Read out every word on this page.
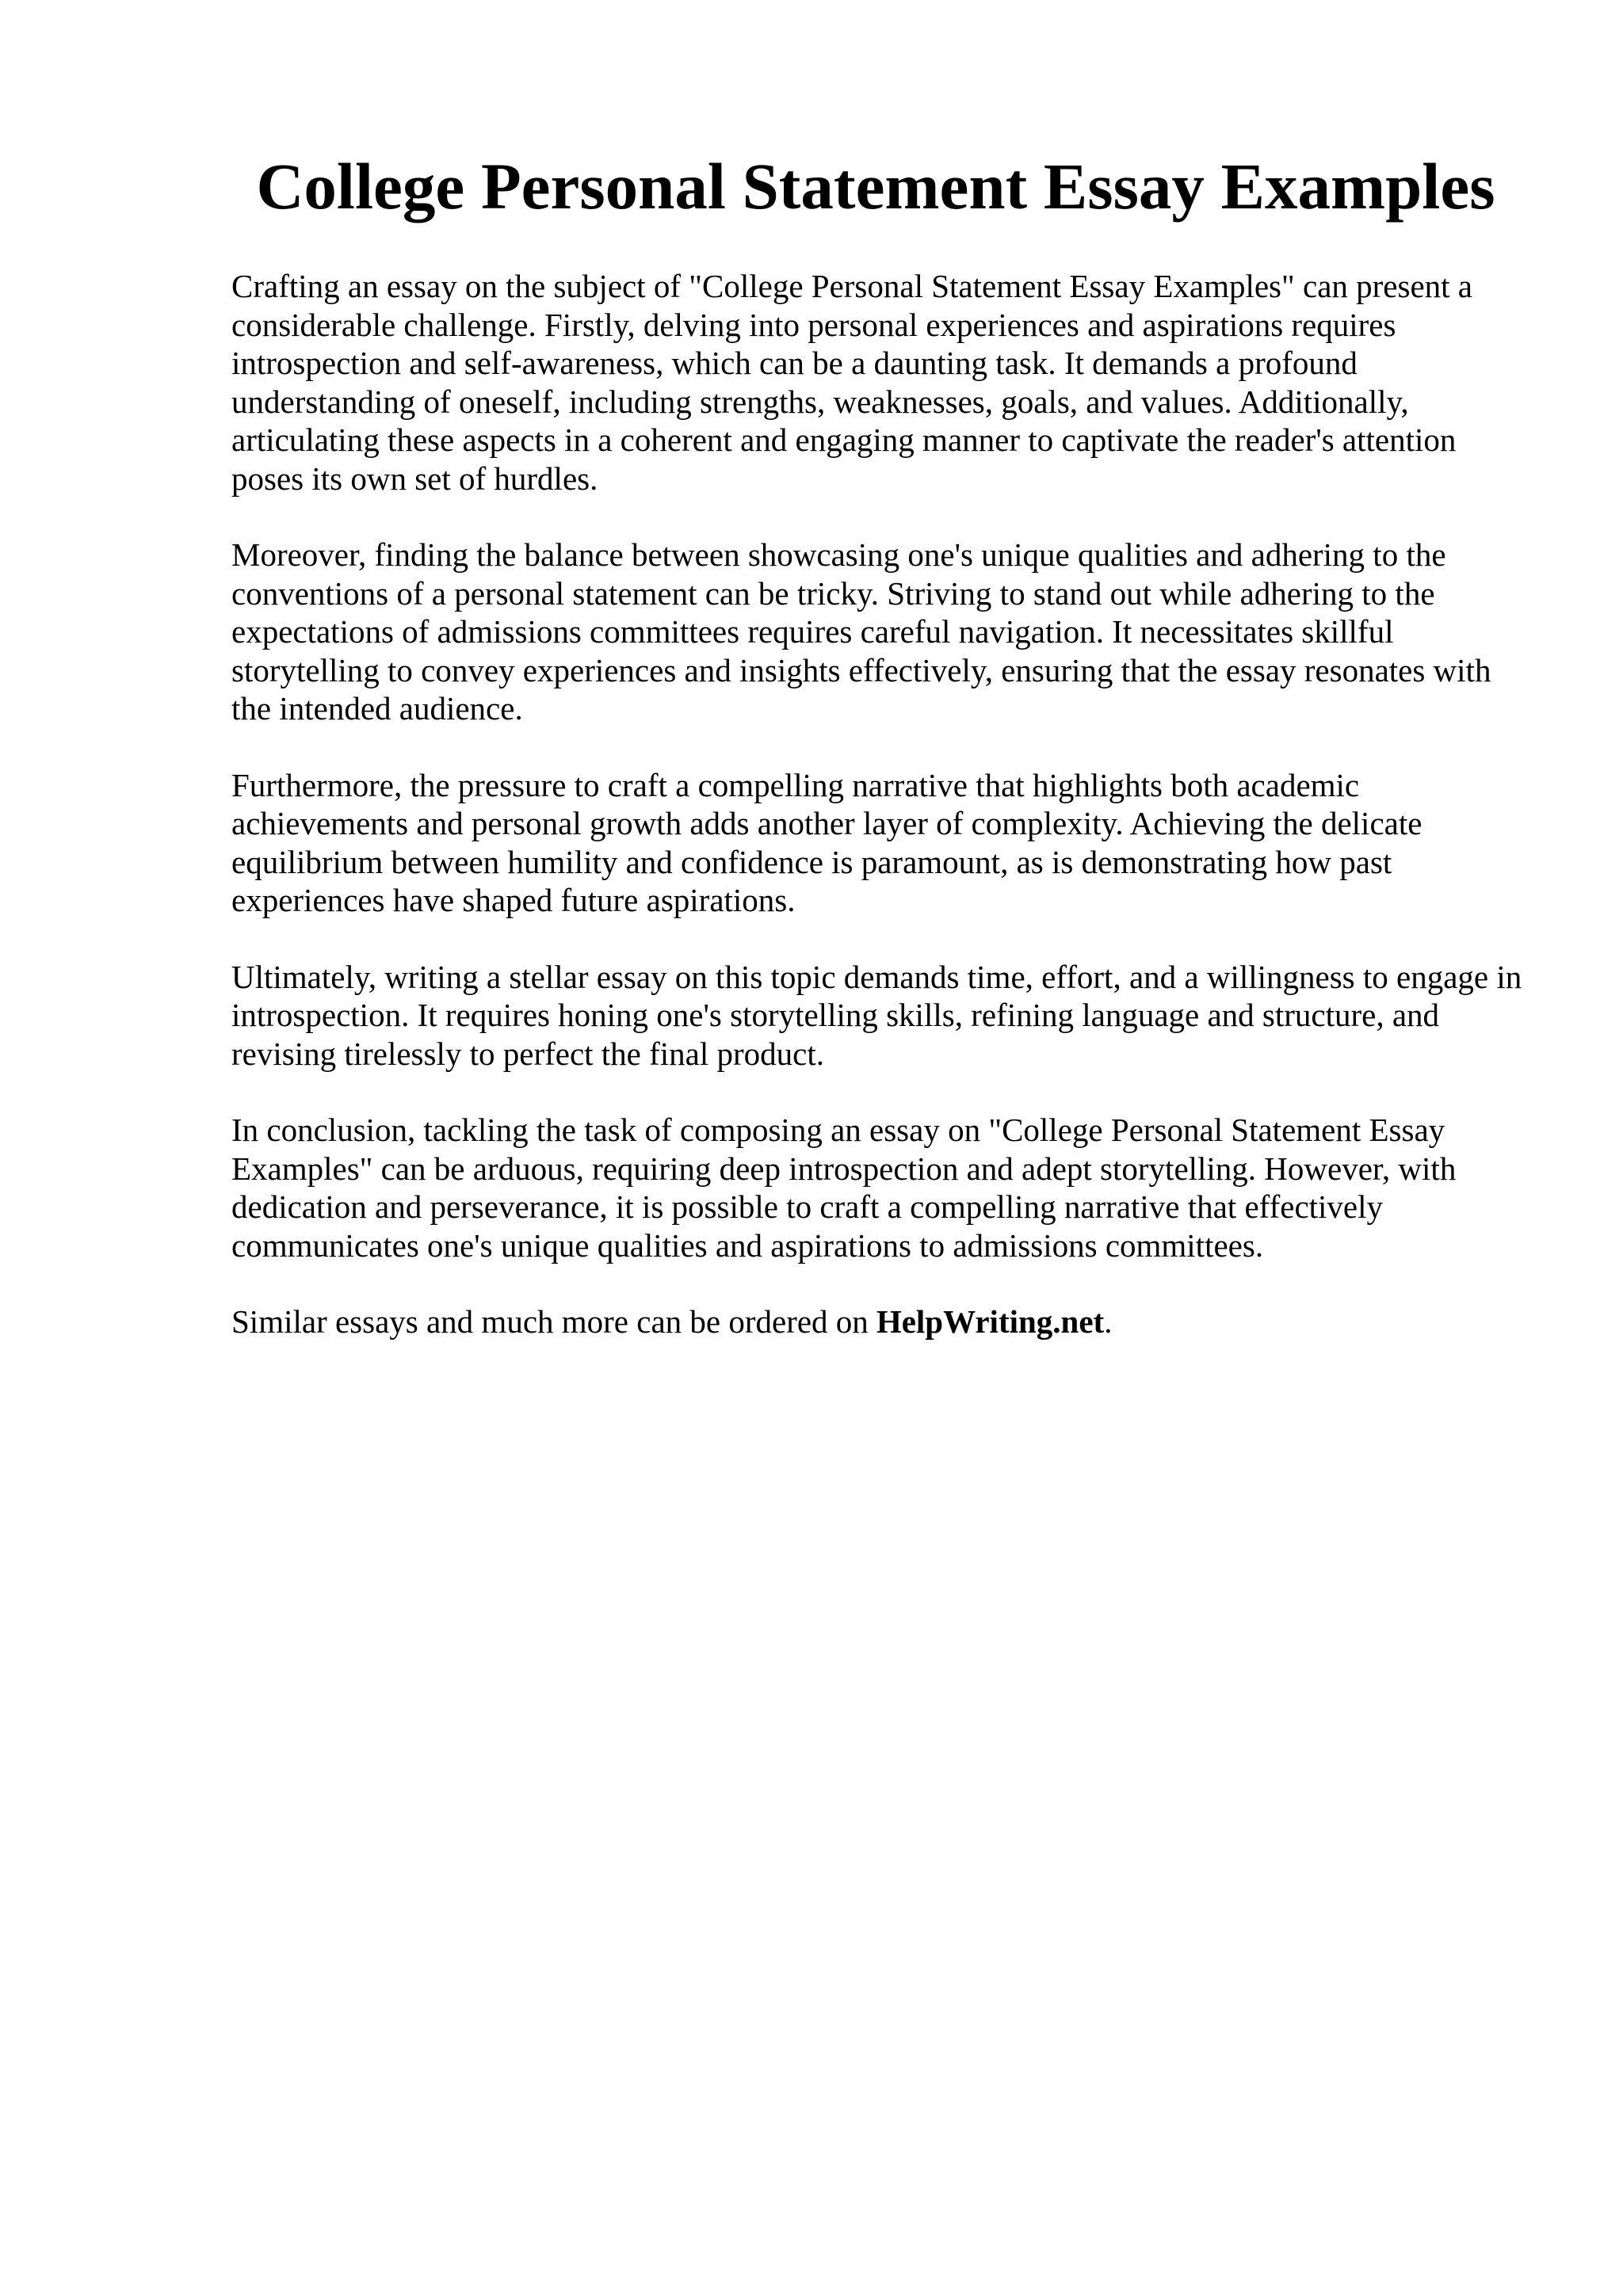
College Personal Statement Essay Examples

Crafting an essay on the subject of "College Personal Statement Essay Examples" can present a considerable challenge. Firstly, delving into personal experiences and aspirations requires introspection and self-awareness, which can be a daunting task. It demands a profound understanding of oneself, including strengths, weaknesses, goals, and values. Additionally, articulating these aspects in a coherent and engaging manner to captivate the reader's attention poses its own set of hurdles.

Moreover, finding the balance between showcasing one's unique qualities and adhering to the conventions of a personal statement can be tricky. Striving to stand out while adhering to the expectations of admissions committees requires careful navigation. It necessitates skillful storytelling to convey experiences and insights effectively, ensuring that the essay resonates with the intended audience.

Furthermore, the pressure to craft a compelling narrative that highlights both academic achievements and personal growth adds another layer of complexity. Achieving the delicate equilibrium between humility and confidence is paramount, as is demonstrating how past experiences have shaped future aspirations.

Ultimately, writing a stellar essay on this topic demands time, effort, and a willingness to engage in introspection. It requires honing one's storytelling skills, refining language and structure, and revising tirelessly to perfect the final product.

In conclusion, tackling the task of composing an essay on "College Personal Statement Essay Examples" can be arduous, requiring deep introspection and adept storytelling. However, with dedication and perseverance, it is possible to craft a compelling narrative that effectively communicates one's unique qualities and aspirations to admissions committees.

Similar essays and much more can be ordered on HelpWriting.net.
